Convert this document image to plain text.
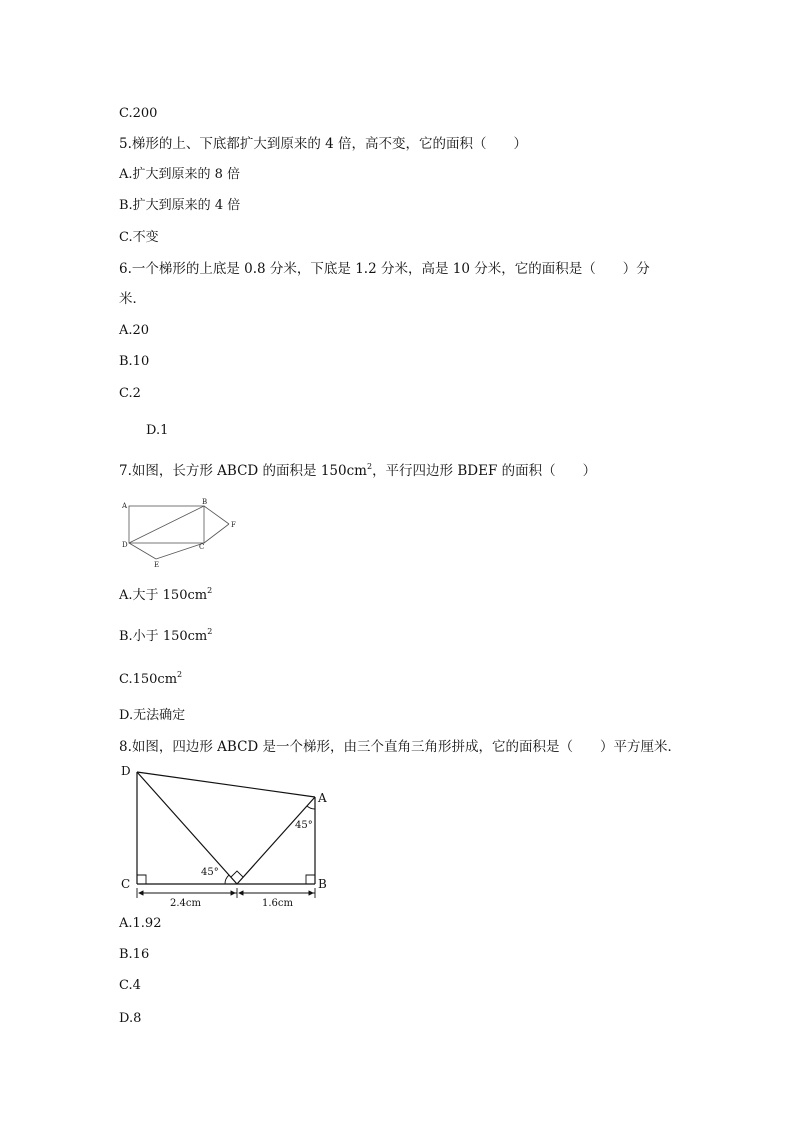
C.200
5.梯形的上、下底都扩大到原来的 4 倍，高不变，它的面积（　　）
A.扩大到原来的 8 倍
B.扩大到原来的 4 倍
C.不变
6.一个梯形的上底是 0.8 分米，下底是 1.2 分米，高是 10 分米，它的面积是（　　）分
米．
A.20
B.10
C.2
D.1
7.如图，长方形 ABCD 的面积是 $150cm^2$，平行四边形 BDEF 的面积（　　）
A	B
D	C
F
E
A.大于 $150cm^2$
B.小于 $150cm^2$
$C.150cm^2$
D.无法确定
8.如图，四边形 ABCD 是一个梯形，由三个直角三角形拼成，它的面积是（　　）平方厘米．
D
A
C	B
45°
45°
2.4cm	1.6cm
A.1.92
B.16
C.4
D.8
